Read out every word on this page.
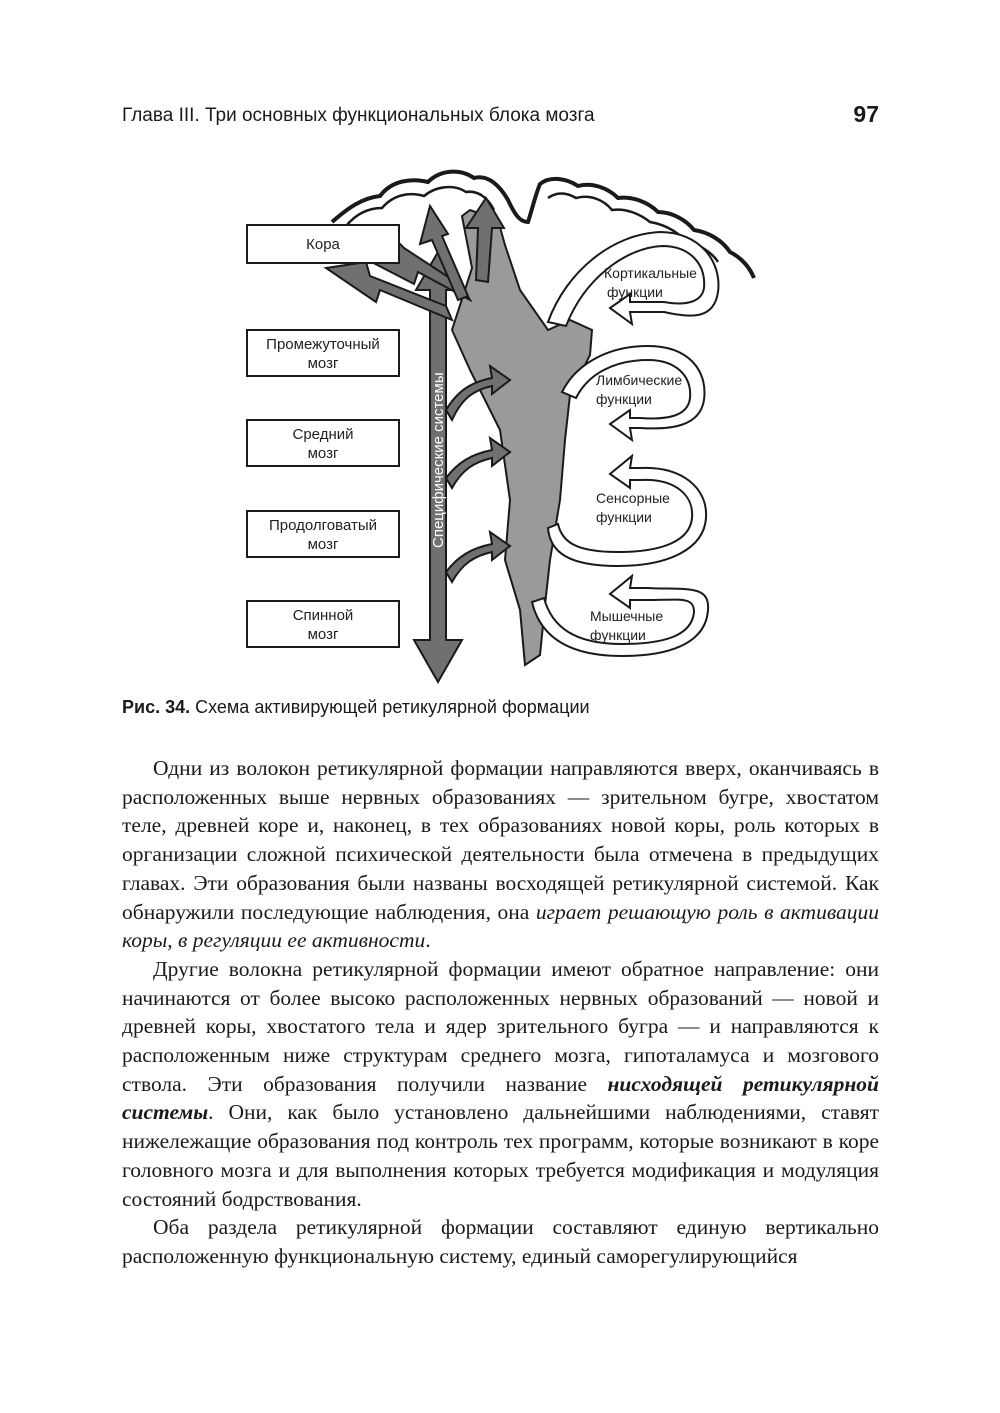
Глава III. Три основных функциональных блока мозга	97
Специфические системы
Кортикальные
функции
Лимбические
функции
Сенсорные
функции
Мышечные
функции
Кора
Промежуточный
мозг
Средний
мозг
Продолговатый
мозг
Спинной
мозг
Рис. 34. Схема активирующей ретикулярной формации

Одни из волокон ретикулярной формации направляются вверх, оканчиваясь в расположенных выше нервных образованиях — зрительном бугре, хвостатом теле, древней коре и, наконец, в тех образованиях новой коры, роль которых в организации сложной психической деятельности была отмечена в предыдущих главах. Эти образования были названы восходящей ретикулярной системой. Как обнаружили последующие наблюдения, она играет решающую роль в активации коры, в регуляции ее активности.

Другие волокна ретикулярной формации имеют обратное направление: они начинаются от более высоко расположенных нервных образований — новой и древней коры, хвостатого тела и ядер зрительного бугра — и направляются к расположенным ниже структурам среднего мозга, гипоталамуса и мозгового ствола. Эти образования получили название нисходящей ретикулярной системы. Они, как было установлено дальнейшими наблюдениями, ставят нижележащие образования под контроль тех программ, которые возникают в коре головного мозга и для выполнения которых требуется модификация и модуляция состояний бодрствования.

Оба раздела ретикулярной формации составляют единую вертикально расположенную функциональную систему, единый саморегулирующийся
